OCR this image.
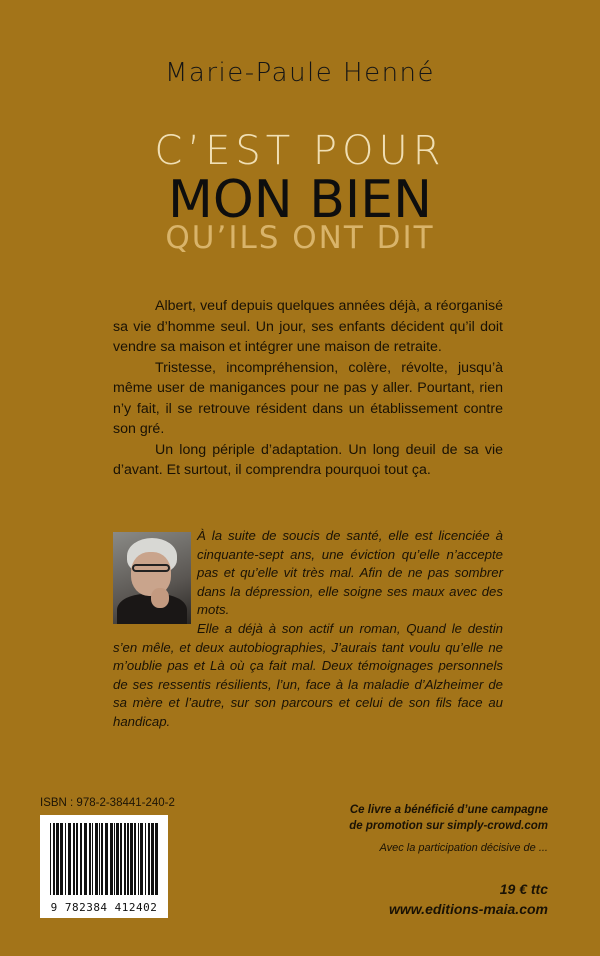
Marie-Paule Henné
C’EST POUR
MON BIEN
QU’ILS ONT DIT

Albert, veuf depuis quelques années déjà, a réorganisé sa vie d’homme seul. Un jour, ses enfants décident qu’il doit vendre sa maison et intégrer une maison de retraite.

Tristesse, incompréhension, colère, révolte, jusqu’à même user de manigances pour ne pas y aller. Pourtant, rien n’y fait, il se retrouve résident dans un établissement contre son gré.

Un long périple d’adaptation. Un long deuil de sa vie d’avant. Et surtout, il comprendra pourquoi tout ça.

À la suite de soucis de santé, elle est licenciée à cinquante-sept ans, une éviction qu’elle n’accepte pas et qu’elle vit très mal. Afin de ne pas sombrer dans la dépression, elle soigne ses maux avec des mots.

Elle a déjà à son actif un roman, Quand le destin s’en mêle, et deux autobiographies, J’aurais tant voulu qu’elle ne m’oublie pas et Là où ça fait mal. Deux témoignages personnels de ses ressentis résilients, l’un, face à la maladie d’Alzheimer de sa mère et l’autre, sur son parcours et celui de son fils face au handicap.

ISBN : 978-2-38441-240-2
9 782384 412402
Ce livre a bénéficié d’une campagne
de promotion sur simply-crowd.com
Avec la participation décisive de ...
19 € ttc
www.editions-maia.com
